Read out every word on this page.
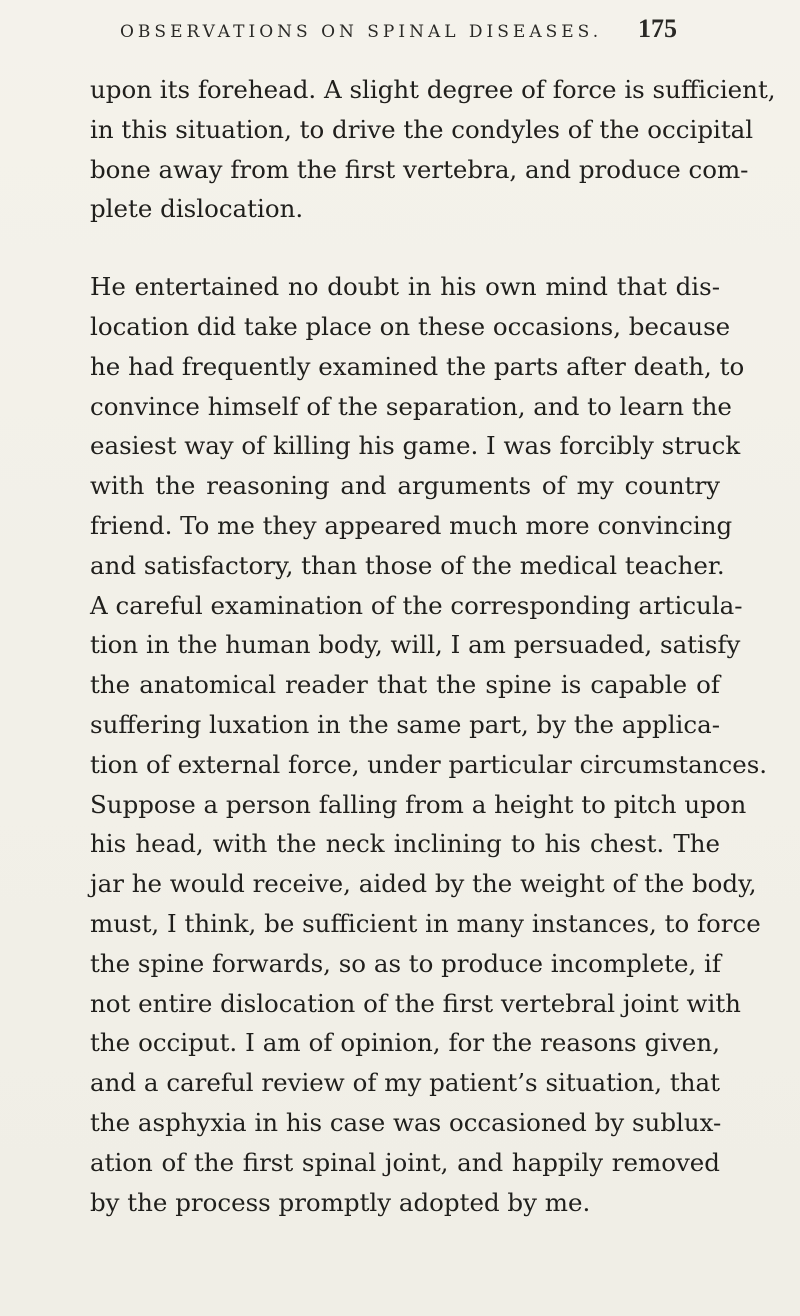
OBSERVATIONS ON SPINAL DISEASES. 175
upon its forehead. A slight degree of force is sufficient,
in this situation, to drive the condyles of the occipital
bone away from the first vertebra, and produce com-
plete dislocation.
He entertained no doubt in his own mind that dis-
location did take place on these occasions, because
he had frequently examined the parts after death, to
convince himself of the separation, and to learn the
easiest way of killing his game. I was forcibly struck
with the reasoning and arguments of my country
friend. To me they appeared much more convincing
and satisfactory, than those of the medical teacher.
A careful examination of the corresponding articula-
tion in the human body, will, I am persuaded, satisfy
the anatomical reader that the spine is capable of
suffering luxation in the same part, by the applica-
tion of external force, under particular circumstances.
Suppose a person falling from a height to pitch upon
his head, with the neck inclining to his chest. The
jar he would receive, aided by the weight of the body,
must, I think, be sufficient in many instances, to force
the spine forwards, so as to produce incomplete, if
not entire dislocation of the first vertebral joint with
the occiput. I am of opinion, for the reasons given,
and a careful review of my patient’s situation, that
the asphyxia in his case was occasioned by sublux-
ation of the first spinal joint, and happily removed
by the process promptly adopted by me.
